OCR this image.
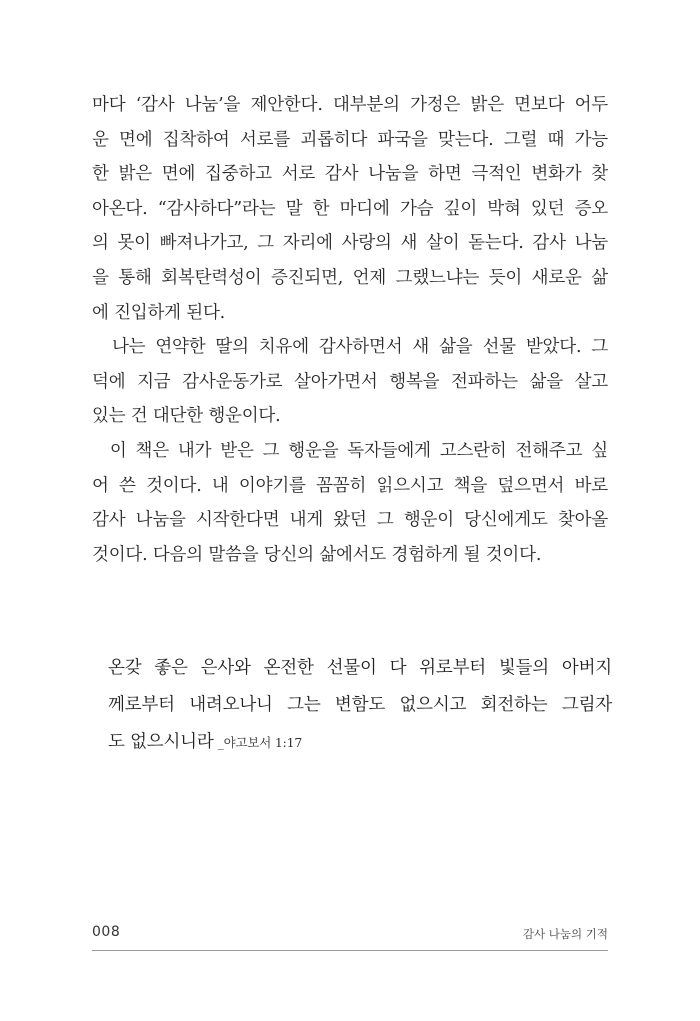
마다 ‘감사 나눔’을 제안한다. 대부분의 가정은 밝은 면보다 어두
운 면에 집착하여 서로를 괴롭히다 파국을 맞는다. 그럴 때 가능
한 밝은 면에 집중하고 서로 감사 나눔을 하면 극적인 변화가 찾
아온다. “감사하다”라는 말 한 마디에 가슴 깊이 박혀 있던 증오
의 못이 빠져나가고, 그 자리에 사랑의 새 살이 돋는다. 감사 나눔
을 통해 회복탄력성이 증진되면, 언제 그랬느냐는 듯이 새로운 삶
에 진입하게 된다.
나는 연약한 딸의 치유에 감사하면서 새 삶을 선물 받았다. 그
덕에 지금 감사운동가로 살아가면서 행복을 전파하는 삶을 살고
있는 건 대단한 행운이다.
이 책은 내가 받은 그 행운을 독자들에게 고스란히 전해주고 싶
어 쓴 것이다. 내 이야기를 꼼꼼히 읽으시고 책을 덮으면서 바로
감사 나눔을 시작한다면 내게 왔던 그 행운이 당신에게도 찾아올
것이다. 다음의 말씀을 당신의 삶에서도 경험하게 될 것이다.
온갖 좋은 은사와 온전한 선물이 다 위로부터 빛들의 아버지
께로부터 내려오나니 그는 변함도 없으시고 회전하는 그림자
도 없으시니라 _야고보서 1:17
008	감사 나눔의 기적
